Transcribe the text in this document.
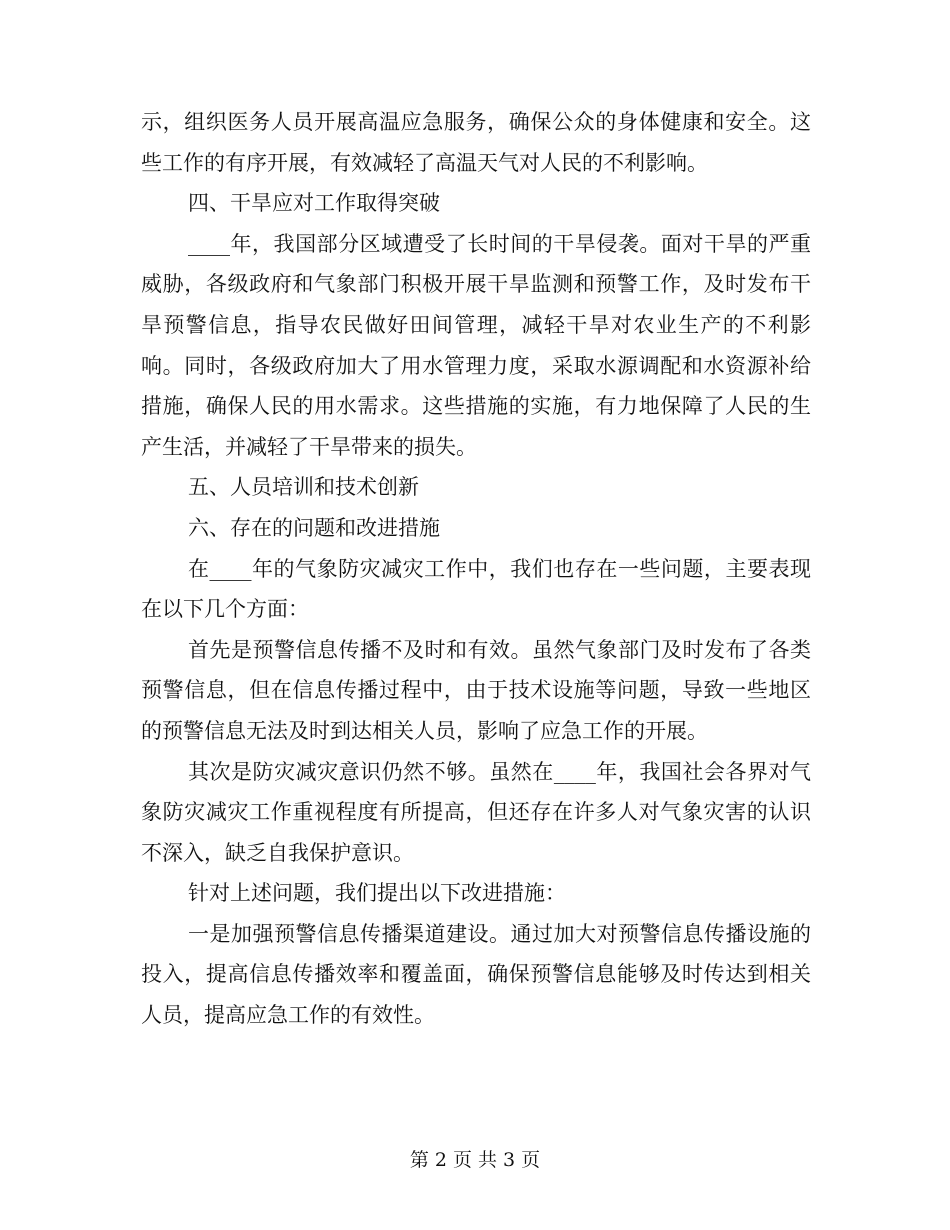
示，组织医务人员开展高温应急服务，确保公众的身体健康和安全。这些工作的有序开展，有效减轻了高温天气对人民的不利影响。

四、干旱应对工作取得突破

____年，我国部分区域遭受了长时间的干旱侵袭。面对干旱的严重威胁，各级政府和气象部门积极开展干旱监测和预警工作，及时发布干旱预警信息，指导农民做好田间管理，减轻干旱对农业生产的不利影响。同时，各级政府加大了用水管理力度，采取水源调配和水资源补给措施，确保人民的用水需求。这些措施的实施，有力地保障了人民的生产生活，并减轻了干旱带来的损失。

五、人员培训和技术创新

六、存在的问题和改进措施

在____年的气象防灾减灾工作中，我们也存在一些问题，主要表现在以下几个方面：

首先是预警信息传播不及时和有效。虽然气象部门及时发布了各类预警信息，但在信息传播过程中，由于技术设施等问题，导致一些地区的预警信息无法及时到达相关人员，影响了应急工作的开展。

其次是防灾减灾意识仍然不够。虽然在____年，我国社会各界对气象防灾减灾工作重视程度有所提高，但还存在许多人对气象灾害的认识不深入，缺乏自我保护意识。

针对上述问题，我们提出以下改进措施：

一是加强预警信息传播渠道建设。通过加大对预警信息传播设施的投入，提高信息传播效率和覆盖面，确保预警信息能够及时传达到相关人员，提高应急工作的有效性。

第 2 页 共 3 页
